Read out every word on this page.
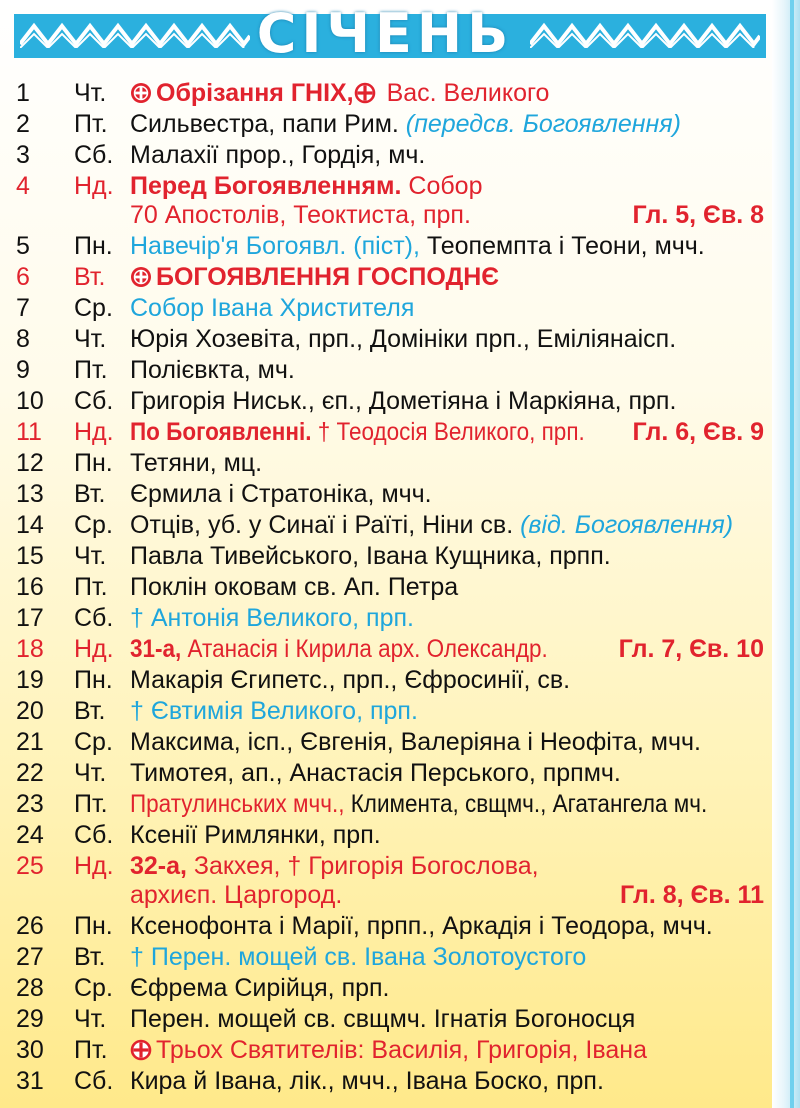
СІЧЕНЬ
1	Чт.	Обрізання ГНІХ,
Вас. Великого
2	Пт. Сильвестра, папи Рим. (передсв. Богоявлення)
3	Сб. Малахії прор., Гордія, мч.
4	Нд. Перед Богоявленням. Собор
70 Апостолів, Теоктиста, прп.	Гл. 5, Єв. 8
5	Пн. Навечір'я Богоявл. (піст), Теопемпта і Теони, мчч.
6	Вт.	БОГОЯВЛЕННЯ ГОСПОДНЄ
7	Ср. Собор Івана Христителя
8	Чт. Юрія Хозевіта, прп., Домініки прп., Еміліянаісп.
9	Пт. Полієвкта, мч.
10	Сб. Григорія Ниськ., єп., Дометіяна і Маркіяна, прп.
11	Нд. По Богоявленні. † Теодосія Великого, прп.	Гл. 6, Єв. 9
12	Пн. Тетяни, мц.
13	Вт. Єрмила і Стратоніка, мчч.
14	Ср. Отців, уб. у Синаї і Раїті, Ніни св. (від. Богоявлення)
15	Чт. Павла Тивейського, Івана Кущника, прпп.
16	Пт. Поклін оковам св. Ап. Петра
17	Сб. † Антонія Великого, прп.
18	Нд. 31-а, Атанасія і Кирила арх. Олександр.	Гл. 7, Єв. 10
19	Пн. Макарія Єгипетс., прп., Єфросинії, св.
20	Вт. † Євтимія Великого, прп.
21	Ср. Максима, ісп., Євгенія, Валеріяна і Неофіта, мчч.
22	Чт. Тимотея, ап., Анастасія Перського, прпмч.
23	Пт. Пратулинських мчч., Климента, свщмч., Агатангела мч.
24	Сб. Ксенії Римлянки, прп.
25	Нд. 32-а, Закхея, † Григорія Богослова,
архиєп. Царгород.	Гл. 8, Єв. 11
26	Пн. Ксенофонта і Марії, прпп., Аркадія і Теодора, мчч.
27	Вт. † Перен. мощей св. Івана Золотоустого
28	Ср. Єфрема Сирійця, прп.
29	Чт. Перен. мощей св. свщмч. Ігнатія Богоносця
30	Пт.	Трьох Святителів: Василія, Григорія, Івана
31	Сб. Кира й Івана, лік., мчч., Івана Боско, прп.
